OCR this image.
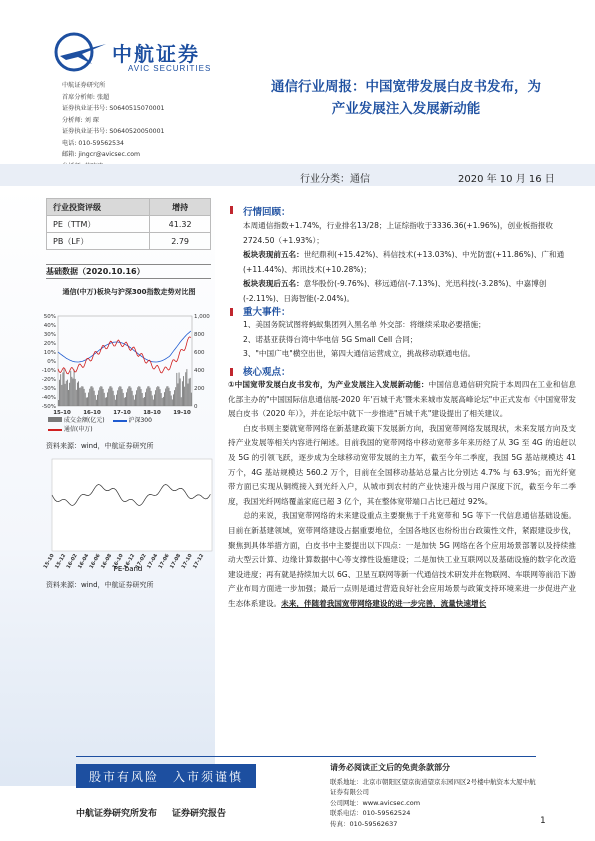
中航证券
AVIC SECURITIES
中航证券研究所
首席分析师: 张超
证券执业证书号: S0640515070001
分析师: 刘 琛
证券执业证书号: S0640520050001
电话: 010-59562534
邮箱: jingcr@avicsec.com
通信行业周报：中国宽带发展白皮书发布，为
产业发展注入发展新动能
行业分类：通信	2020 年 10 月 16 日
行业投资评级	增持
PE（TTM）	41.32
PB（LF）	2.79
基础数据（2020.10.16）
通信(中万)板块与沪深300指数走势对比图
50%
40%
30%
20%
10%
0%
-10%
-20%
-30%
-40%
-50%
1,000
800
600
400
200
0
15-10 16-10 17-10 18-10 19-10
成交金额(亿元)	沪深300
通信(申万)
资料来源：wind，中航证券研究所
15-10
15-12
16-02
16-04
16-06
16-08
16-10
16-12
17-02
17-04
17-06
17-08
17-10
17-12
PE-band
资料来源：wind，中航证券研究所
行情回顾：
本周通信指数+1.74%，行业排名13/28；上证综指收于3336.36(+1.96%)，创业板指报收2724.50（+1.93%）；
板块表现前五名：世纪鼎利(+15.42%)、科信技术(+13.03%)、中光防雷(+11.86%)、广和通(+11.44%)、邦讯技术(+10.28%)；
板块表现后五名：意华股份(-9.76%)、移远通信(-7.13%)、光迅科技(-3.28%)、中嘉博创(-2.11%)、日海智能(-2.04%)。
重大事件：
1、美国务院试图将蚂蚁集团列入黑名单 外交部：将继续采取必要措施；
2、诺基亚获得台湾中华电信 5G Small Cell 合同；
3、"中国广电"横空出世，第四大通信运营成立，挑战移动联通电信。
核心观点：
①中国宽带发展白皮书发布，为产业发展注入发展新动能：中国信息通信研究院于本周四在工业和信息化部主办的"中国国际信息通信展-2020 年'百城千兆'暨未来城市发展高峰论坛"中正式发布《中国宽带发展白皮书（2020 年）》，并在论坛中就下一步推进"百城千兆"建设提出了相关建议。
白皮书则主要就宽带网络在新基建政策下发展新方向，我国宽带网络发展现状，未来发展方向及支持产业发展等相关内容进行阐述。目前我国的宽带网络中移动宽带多年来历经了从 3G 至 4G 的追赶以及 5G 的引领飞跃，逐步成为全球移动宽带发展的主力军，截至今年二季度，我国 5G 基站规模达 41 万个，4G 基站规模达 560.2 万个，目前在全国移动基站总量占比分别达 4.7% 与 63.9%；而光纤宽带方面已实现从铜缆接入到光纤入户，从城市到农村的产业快速升级与用户深度下沉，截至今年二季度，我国光纤网络覆盖家庭已超 3 亿个，其在整体宽带端口占比已超过 92%。
总的来说，我国宽带网络的未来建设重点主要聚焦于千兆宽带和 5G 等下一代信息通信基础设施。目前在新基建领域，宽带网络建设占据重要地位，全国各地区也纷纷出台政策性文件，紧跟建设步伐，聚焦到具体举措方面，白皮书中主要提出以下四点：一是加快 5G 网络在各个应用场景部署以及持续推动大型云计算、边缘计算数据中心等支撑性设施建设；二是加快工业互联网以及基础设施的数字化改造建设进度；再有就是持续加大以 6G、卫星互联网等新一代通信技术研发并在物联网、车联网等前沿下游产业布局方面进一步加强；最后一点则是通过营造良好社会应用场景与政策支持环境来进一步促进产业生态体系建设。未来，伴随着我国宽带网络建设的进一步完善，流量快速增长
股市有风险　入市须谨慎
中航证券研究所发布 证券研究报告
请务必阅读正文后的免责条款部分
联系地址：北京市朝阳区望京街道望京东园四区2号楼中航资本大厦中航证券有限公司
公司网址：www.avicsec.com
联系电话：010-59562524
传真：010-59562637	1
